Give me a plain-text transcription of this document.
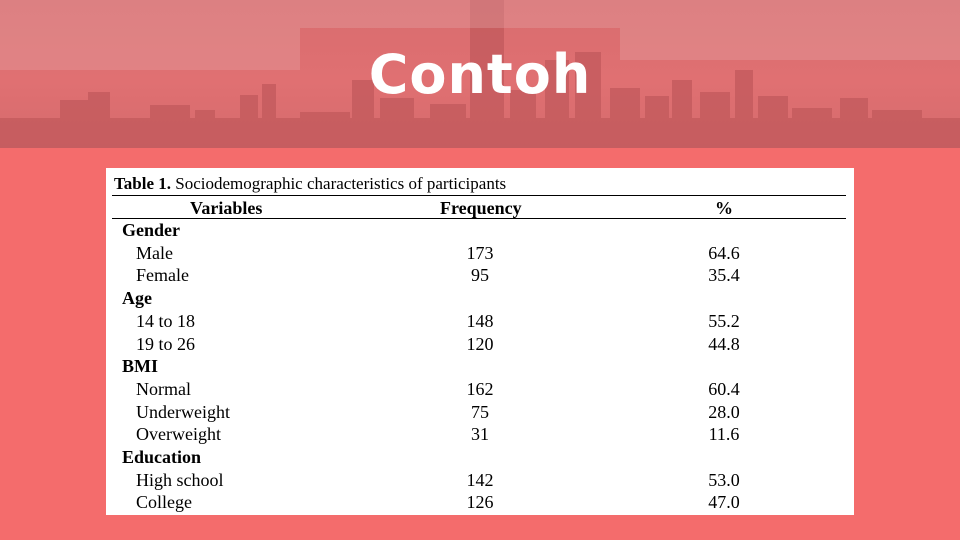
Contoh
Table 1. Sociodemographic characteristics of participants
Variables	Frequency	%
Gender
Male	173	64.6
Female	95	35.4
Age
14 to 18	148	55.2
19 to 26	120	44.8
BMI
Normal	162	60.4
Underweight	75	28.0
Overweight	31	11.6
Education
High school	142	53.0
College	126	47.0
